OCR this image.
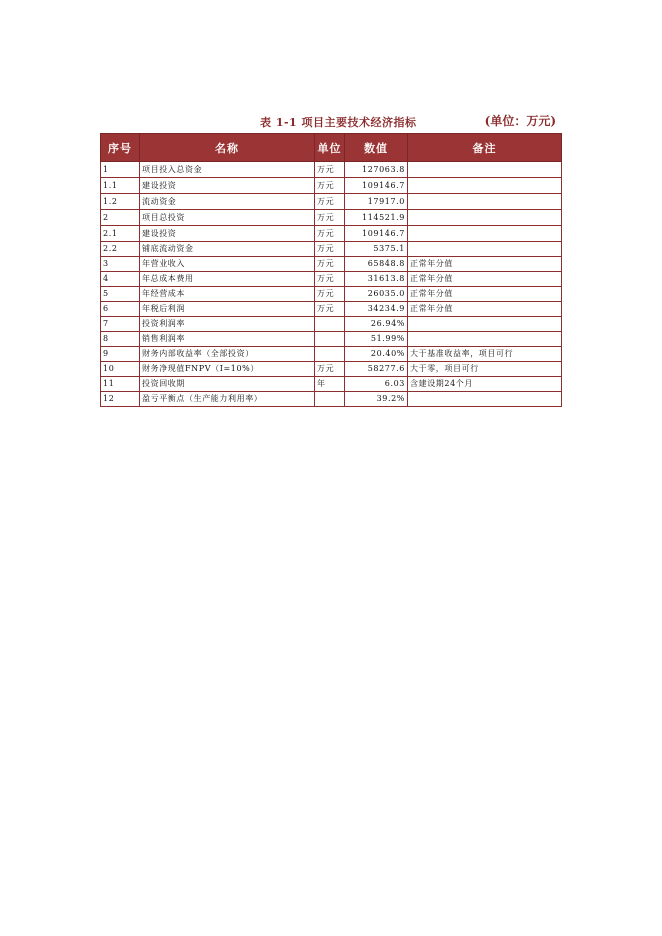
表 1-1 项目主要技术经济指标	(单位：万元)
序号	名称	单位	数值	备注
1	项目投入总资金	万元	127063.8	
1.1	建设投资	万元	109146.7	
1.2	流动资金	万元	17917.0	
2	项目总投资	万元	114521.9	
2.1	建设投资	万元	109146.7	
2.2	铺底流动资金	万元	5375.1	
3	年营业收入	万元	65848.8	正常年分值
4	年总成本费用	万元	31613.8	正常年分值
5	年经营成本	万元	26035.0	正常年分值
6	年税后利润	万元	34234.9	正常年分值
7	投资利润率		26.94%	
8	销售利润率		51.99%	
9	财务内部收益率（全部投资）		20.40%	大于基准收益率，项目可行
10	财务净现值FNPV（I=10%）	万元	58277.6	大于零，项目可行
11	投资回收期	年	6.03	含建设期24个月
12	盈亏平衡点（生产能力利用率）		39.2%	
